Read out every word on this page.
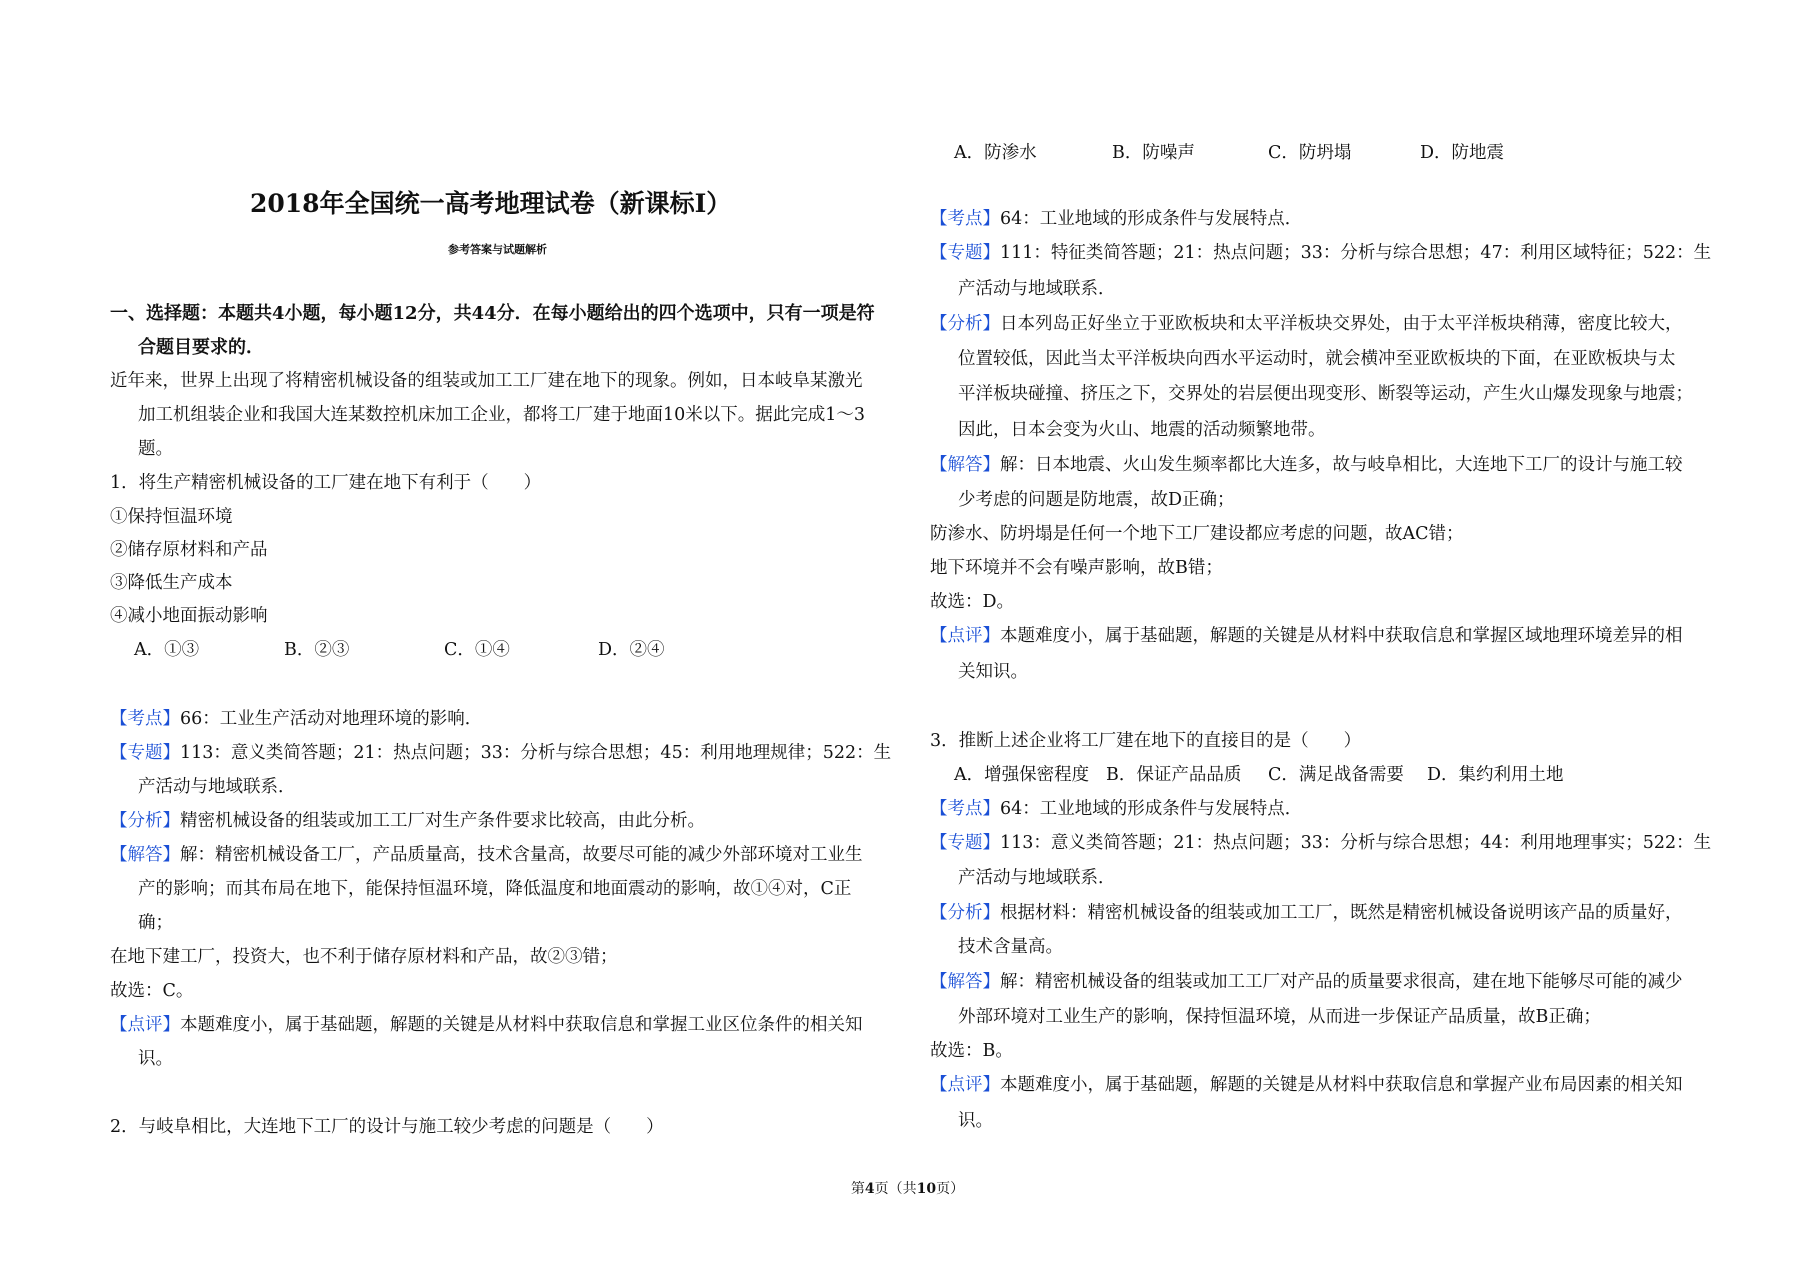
2018年全国统一高考地理试卷（新课标Ⅰ）
参考答案与试题解析
一、选择题：本题共4小题，每小题12分，共44分．在每小题给出的四个选项中，只有一项是符
合题目要求的．
近年来，世界上出现了将精密机械设备的组装或加工工厂建在地下的现象。例如，日本岐阜某激光
加工机组装企业和我国大连某数控机床加工企业，都将工厂建于地面10米以下。据此完成1～3
题。
1．将生产精密机械设备的工厂建在地下有利于（　　）
①保持恒温环境
②储存原材料和产品
③降低生产成本
④减小地面振动影响
A．①③	B．②③	C．①④	D．②④
【考点】66：工业生产活动对地理环境的影响．
【专题】113：意义类简答题；21：热点问题；33：分析与综合思想；45：利用地理规律；522：生
产活动与地域联系．
【分析】精密机械设备的组装或加工工厂对生产条件要求比较高，由此分析。
【解答】解：精密机械设备工厂，产品质量高，技术含量高，故要尽可能的减少外部环境对工业生
产的影响；而其布局在地下，能保持恒温环境，降低温度和地面震动的影响，故①④对，C正
确；
在地下建工厂，投资大，也不利于储存原材料和产品，故②③错；
故选：C。
【点评】本题难度小，属于基础题，解题的关键是从材料中获取信息和掌握工业区位条件的相关知
识。
2．与岐阜相比，大连地下工厂的设计与施工较少考虑的问题是（　　）
A．防渗水	B．防噪声	C．防坍塌	D．防地震
【考点】64：工业地域的形成条件与发展特点．
【专题】111：特征类简答题；21：热点问题；33：分析与综合思想；47：利用区域特征；522：生
产活动与地域联系．
【分析】日本列岛正好坐立于亚欧板块和太平洋板块交界处，由于太平洋板块稍薄，密度比较大，
位置较低，因此当太平洋板块向西水平运动时，就会横冲至亚欧板块的下面，在亚欧板块与太
平洋板块碰撞、挤压之下，交界处的岩层便出现变形、断裂等运动，产生火山爆发现象与地震；
因此，日本会变为火山、地震的活动频繁地带。
【解答】解：日本地震、火山发生频率都比大连多，故与岐阜相比，大连地下工厂的设计与施工较
少考虑的问题是防地震，故D正确；
防渗水、防坍塌是任何一个地下工厂建设都应考虑的问题，故AC错；
地下环境并不会有噪声影响，故B错；
故选：D。
【点评】本题难度小，属于基础题，解题的关键是从材料中获取信息和掌握区域地理环境差异的相
关知识。
3．推断上述企业将工厂建在地下的直接目的是（　　）
A．增强保密程度 B．保证产品品质 C．满足战备需要 D．集约利用土地
【考点】64：工业地域的形成条件与发展特点．
【专题】113：意义类简答题；21：热点问题；33：分析与综合思想；44：利用地理事实；522：生
产活动与地域联系．
【分析】根据材料：精密机械设备的组装或加工工厂，既然是精密机械设备说明该产品的质量好，
技术含量高。
【解答】解：精密机械设备的组装或加工工厂对产品的质量要求很高，建在地下能够尽可能的减少
外部环境对工业生产的影响，保持恒温环境，从而进一步保证产品质量，故B正确；
故选：B。
【点评】本题难度小，属于基础题，解题的关键是从材料中获取信息和掌握产业布局因素的相关知
识。
第4页（共10页）
